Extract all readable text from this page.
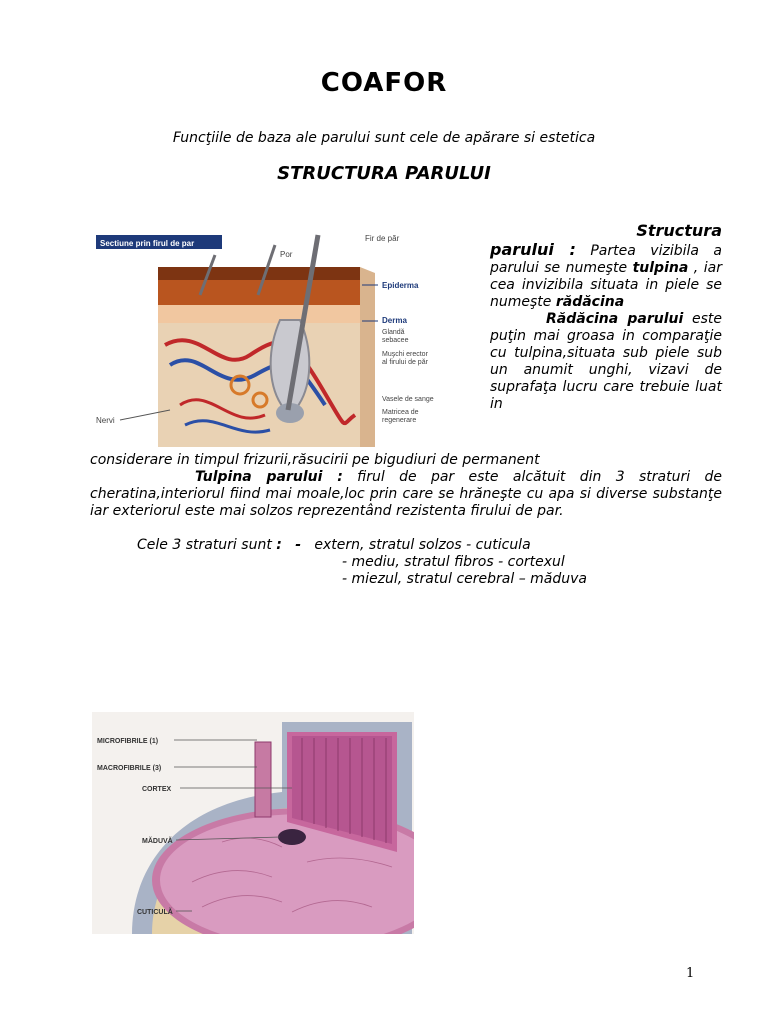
COAFOR
Funcţiile de baza ale parului sunt cele de apărare si estetica
STRUCTURA PARULUI
Sectiune prin firul de par
Fir de păr
Por
Epiderma
Derma
Glandă
sebacee
Muşchi erector
al firului de păr
Vasele de sange
Matricea de
regenerare
Nervi

Structura

parului : Partea vizibila a parului se numeşte tulpina , iar cea invizibila situata in piele se numeşte rădăcina

Rădăcina parului este puţin mai groasa in comparaţie cu tulpina,situata sub piele sub un anumit unghi, vizavi de suprafaţa lucru care trebuie luat in

considerare in timpul frizurii,răsucirii pe bigudiuri de permanent

Tulpina parului : firul de par este alcătuit din 3 straturi de cheratina,interiorul fiind mai moale,loc prin care se hrăneşte cu apa si diverse substanţe iar exteriorul este mai solzos reprezentând rezistenta firului de par.

Cele 3 straturi sunt : - extern, stratul solzos - cuticula
- mediu, stratul fibros - cortexul
- miezul, stratul cerebral – măduva
MICROFIBRILE (1)
MACROFIBRILE (3)
CORTEX
MĂDUVĂ
CUTICULĂ
1
